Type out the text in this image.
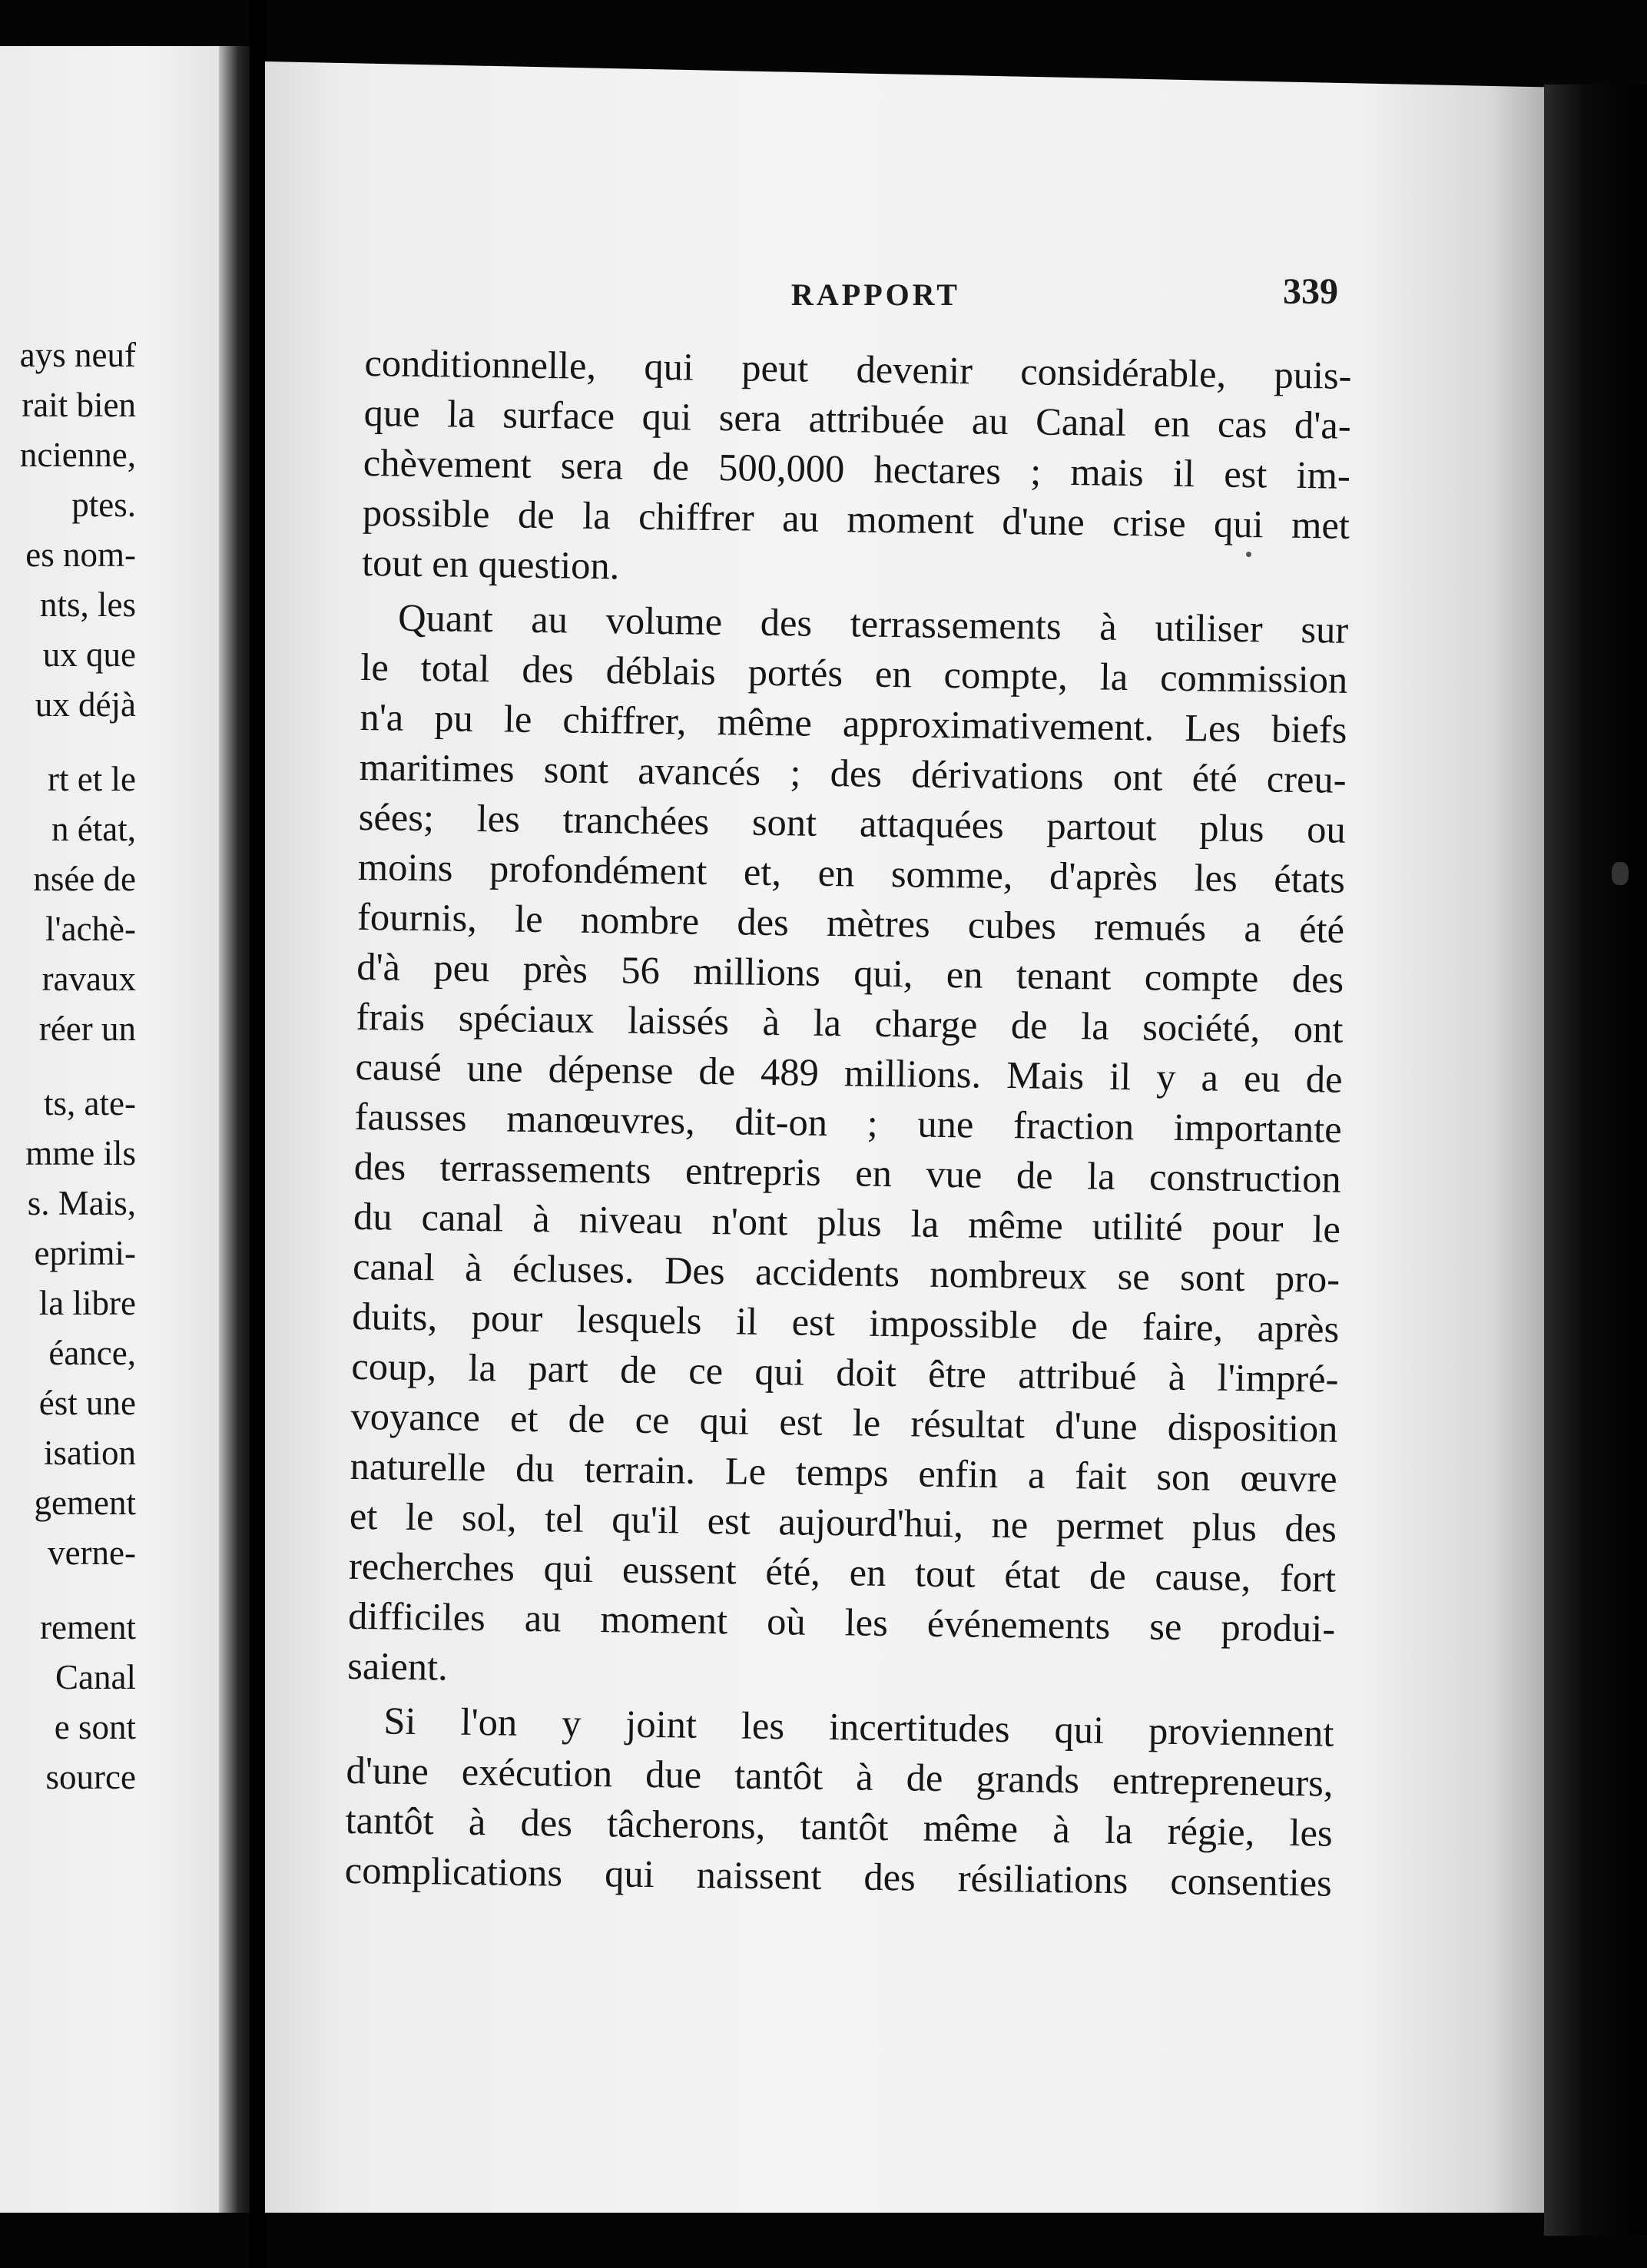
ays neuf
rait bien
ncienne,
ptes.
es nom-
nts, les
ux que
ux déjà
rt et le
n état,
nsée de
l'achè-
ravaux
réer un
ts, ate-
mme ils
s. Mais,
eprimi-
la libre
éance,
ést une
isation
gement
verne-
rement
Canal
e sont
source
RAPPORT	339

conditionnelle, qui peut devenir considérable, puis-

que la surface qui sera attribuée au Canal en cas d'a-

chèvement sera de 500,000 hectares ; mais il est im-

possible de la chiffrer au moment d'une crise qui met

tout en question.

Quant au volume des terrassements à utiliser sur

le total des déblais portés en compte, la commission

n'a pu le chiffrer, même approximativement. Les biefs

maritimes sont avancés ; des dérivations ont été creu-

sées; les tranchées sont attaquées partout plus ou

moins profondément et, en somme, d'après les états

fournis, le nombre des mètres cubes remués a été

d'à peu près 56 millions qui, en tenant compte des

frais spéciaux laissés à la charge de la société, ont

causé une dépense de 489 millions. Mais il y a eu de

fausses manœuvres, dit-on ; une fraction importante

des terrassements entrepris en vue de la construction

du canal à niveau n'ont plus la même utilité pour le

canal à écluses. Des accidents nombreux se sont pro-

duits, pour lesquels il est impossible de faire, après

coup, la part de ce qui doit être attribué à l'impré-

voyance et de ce qui est le résultat d'une disposition

naturelle du terrain. Le temps enfin a fait son œuvre

et le sol, tel qu'il est aujourd'hui, ne permet plus des

recherches qui eussent été, en tout état de cause, fort

difficiles au moment où les événements se produi-

saient.

Si l'on y joint les incertitudes qui proviennent

d'une exécution due tantôt à de grands entrepreneurs,

tantôt à des tâcherons, tantôt même à la régie, les

complications qui naissent des résiliations consenties
